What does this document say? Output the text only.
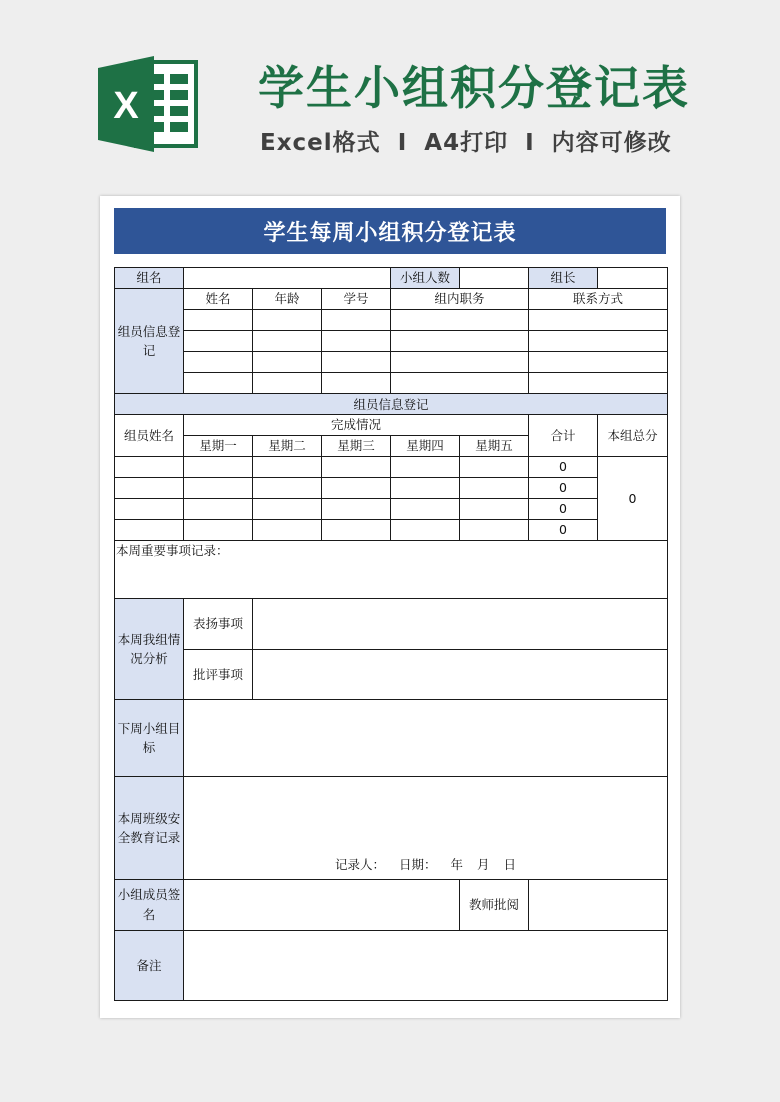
X	学生小组积分登记表
Excel格式 I A4打印 I 内容可修改
学生每周小组积分登记表
组名				小组人数		组长	
组员信息登记	姓名	年龄	学号	组内职务		联系方式	

组员信息登记							
组员姓名	完成情况					合计	本组总分
	星期一	星期二	星期三	星期四	星期五		
						0	0
						0	
						0	
						0	
本周重要事项记录：							
本周我组情况分析	表扬事项						
	批评事项						
下周小组目标							
本周班级安全教育记录	记录人： 日期： 年 月 日						

小组成员签名					教师批阅		
备注							
